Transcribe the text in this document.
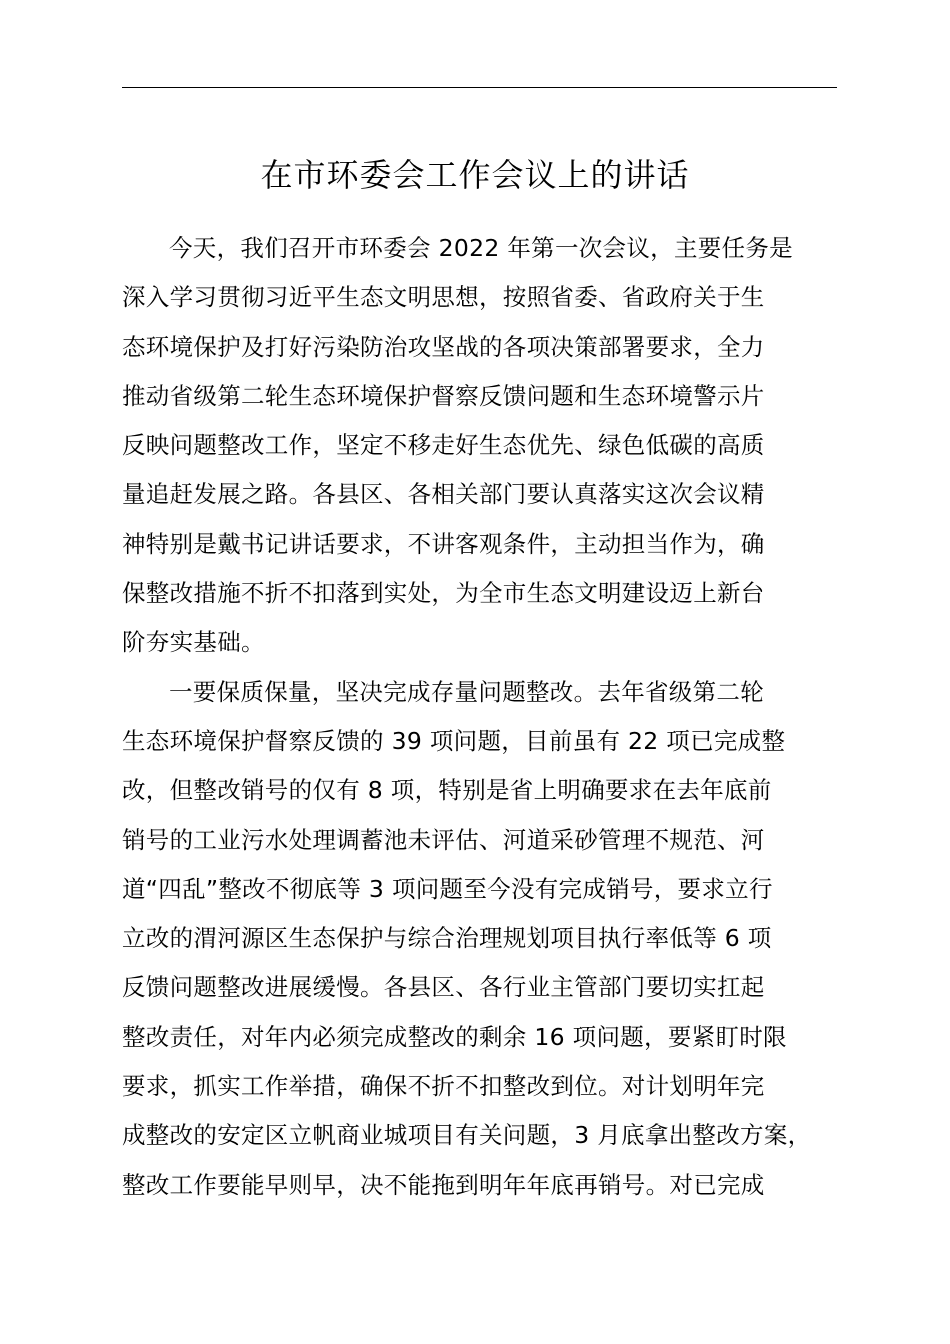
在市环委会工作会议上的讲话

今天，我们召开市环委会 2022 年第一次会议，主要任务是
深入学习贯彻习近平生态文明思想，按照省委、省政府关于生
态环境保护及打好污染防治攻坚战的各项决策部署要求，全力
推动省级第二轮生态环境保护督察反馈问题和生态环境警示片
反映问题整改工作，坚定不移走好生态优先、绿色低碳的高质
量追赶发展之路。各县区、各相关部门要认真落实这次会议精
神特别是戴书记讲话要求，不讲客观条件，主动担当作为，确
保整改措施不折不扣落到实处，为全市生态文明建设迈上新台
阶夯实基础。

一要保质保量，坚决完成存量问题整改。去年省级第二轮
生态环境保护督察反馈的 39 项问题，目前虽有 22 项已完成整
改，但整改销号的仅有 8 项，特别是省上明确要求在去年底前
销号的工业污水处理调蓄池未评估、河道采砂管理不规范、河
道“四乱”整改不彻底等 3 项问题至今没有完成销号，要求立行
立改的渭河源区生态保护与综合治理规划项目执行率低等 6 项
反馈问题整改进展缓慢。各县区、各行业主管部门要切实扛起
整改责任，对年内必须完成整改的剩余 16 项问题，要紧盯时限
要求，抓实工作举措，确保不折不扣整改到位。对计划明年完
成整改的安定区立帆商业城项目有关问题，3 月底拿出整改方案，
整改工作要能早则早，决不能拖到明年年底再销号。对已完成
